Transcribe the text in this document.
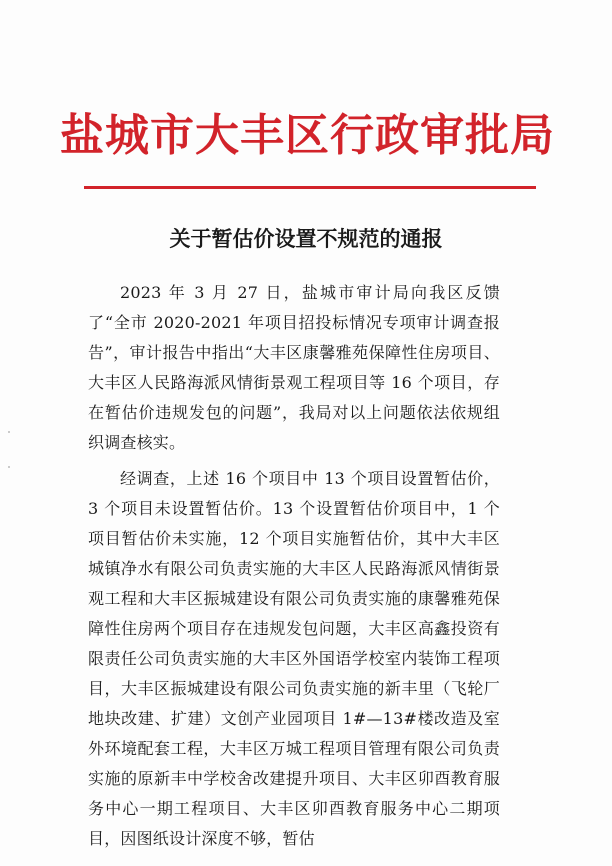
盐城市大丰区行政审批局
关于暂估价设置不规范的通报

2023 年 3 月 27 日，盐城市审计局向我区反馈了“全市 2020-2021 年项目招投标情况专项审计调查报告”，审计报告中指出“大丰区康馨雅苑保障性住房项目、大丰区人民路海派风情街景观工程项目等 16 个项目，存在暂估价违规发包的问题”，我局对以上问题依法依规组织调查核实。

经调查，上述 16 个项目中 13 个项目设置暂估价，3 个项目未设置暂估价。13 个设置暂估价项目中，1 个项目暂估价未实施，12 个项目实施暂估价，其中大丰区城镇净水有限公司负责实施的大丰区人民路海派风情街景观工程和大丰区振城建设有限公司负责实施的康馨雅苑保障性住房两个项目存在违规发包问题，大丰区高鑫投资有限责任公司负责实施的大丰区外国语学校室内装饰工程项目，大丰区振城建设有限公司负责实施的新丰里（飞轮厂地块改建、扩建）文创产业园项目 1#—13#楼改造及室外环境配套工程，大丰区万城工程项目管理有限公司负责实施的原新丰中学校舍改建提升项目、大丰区卯酉教育服务中心一期工程项目、大丰区卯酉教育服务中心二期项目，因图纸设计深度不够，暂估
